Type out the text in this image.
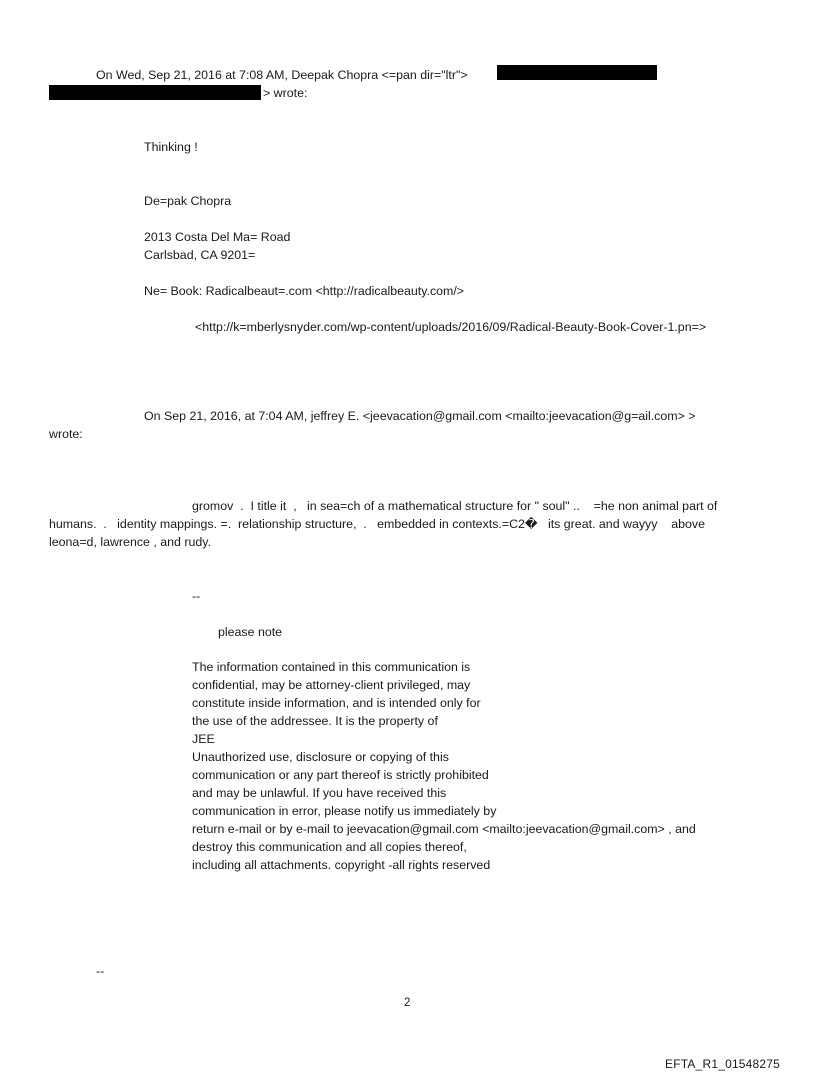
On Wed, Sep 21, 2016 at 7:08 AM, Deepak Chopra <=pan dir="ltr">
> wrote:
Thinking !
De=pak Chopra
2013 Costa Del Ma= Road
Carlsbad, CA 9201=
Ne= Book: Radicalbeaut=.com <http://radicalbeauty.com/>
<http://k=mberlysnyder.com/wp-content/uploads/2016/09/Radical-Beauty-Book-Cover-1.pn=>
On Sep 21, 2016, at 7:04 AM, jeffrey E. <jeevacation@gmail.com <mailto:jeevacation@g=ail.com> >
wrote:
gromov  .  I title it  ,   in sea=ch of a mathematical structure for " soul" ..    =he non animal part of
humans.  .   identity mappings. =.  relationship structure,  .   embedded in contexts.=C2�   its great. and wayyy    above
leona=d, lawrence , and rudy.
--
please note
The information contained in this communication is
confidential, may be attorney-client privileged, may
constitute inside information, and is intended only for
the use of the addressee. It is the property of
JEE
Unauthorized use, disclosure or copying of this
communication or any part thereof is strictly prohibited
and may be unlawful. If you have received this
communication in error, please notify us immediately by
return e-mail or by e-mail to jeevacation@gmail.com <mailto:jeevacation@gmail.com> , and
destroy this communication and all copies thereof,
including all attachments. copyright -all rights reserved
--
2
EFTA_R1_01548275
